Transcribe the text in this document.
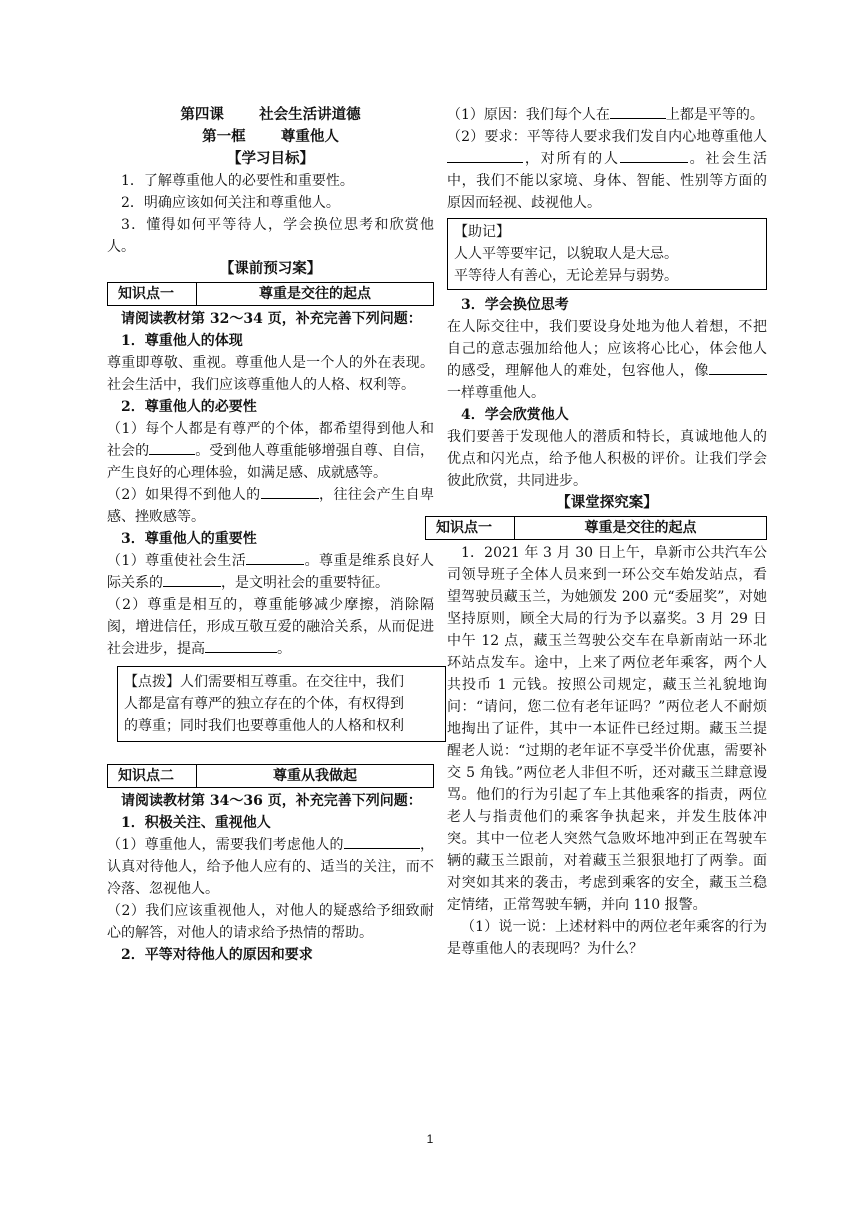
第四课       社会生活讲道德
第一框       尊重他人
【学习目标】

1．了解尊重他人的必要性和重要性。

2．明确应该如何关注和尊重他人。

3．懂得如何平等待人，学会换位思考和欣赏他人。

【课前预习案】
知识点一	尊重是交往的起点

请阅读教材第 32～34 页，补充完善下列问题：

1．尊重他人的体现

尊重即尊敬、重视。尊重他人是一个人的外在表现。社会生活中，我们应该尊重他人的人格、权利等。

2．尊重他人的必要性

（1）每个人都是有尊严的个体，都希望得到他人和社会的	。受到他人尊重能够增强自尊、自信，产生良好的心理体验，如满足感、成就感等。

（2）如果得不到他人的	，往往会产生自卑感、挫败感等。

3．尊重他人的重要性

（1）尊重使社会生活	。尊重是维系良好人际关系的	，是文明社会的重要特征。

（2）尊重是相互的，尊重能够减少摩擦，消除隔阂，增进信任，形成互敬互爱的融洽关系，从而促进社会进步，提高	。

【点拨】人们需要相互尊重。在交往中，我们

人都是富有尊严的独立存在的个体，有权得到

的尊重；同时我们也要尊重他人的人格和权利

知识点二	尊重从我做起

请阅读教材第 34～36 页，补充完善下列问题：

1．积极关注、重视他人

（1）尊重他人，需要我们考虑他人的	，认真对待他人，给予他人应有的、适当的关注，而不冷落、忽视他人。

（2）我们应该重视他人，对他人的疑惑给予细致耐心的解答，对他人的请求给予热情的帮助。

2．平等对待他人的原因和要求

（1）原因：我们每个人在	上都是平等的。

（2）要求：平等待人要求我们发自内心地尊重他人，对所有的人	。社会生活中，我们不能以家境、身体、智能、性别等方面的原因而轻视、歧视他人。

【助记】

人人平等要牢记，以貌取人是大忌。

平等待人有善心，无论差异与弱势。

3．学会换位思考

在人际交往中，我们要设身处地为他人着想，不把自己的意志强加给他人；应该将心比心，体会他人的感受，理解他人的难处，包容他人，像一样尊重他人。

4．学会欣赏他人

我们要善于发现他人的潜质和特长，真诚地他人的优点和闪光点，给予他人积极的评价。让我们学会彼此欣赏，共同进步。

【课堂探究案】
知识点一	尊重是交往的起点

1．2021 年 3 月 30 日上午，阜新市公共汽车公司领导班子全体人员来到一环公交车始发站点，看望驾驶员藏玉兰，为她颁发 200 元“委屈奖”，对她坚持原则，顾全大局的行为予以嘉奖。3 月 29 日中午 12 点，藏玉兰驾驶公交车在阜新南站一环北环站点发车。途中，上来了两位老年乘客，两个人共投币 1 元钱。按照公司规定，藏玉兰礼貌地询问：“请问，您二位有老年证吗？”两位老人不耐烦地掏出了证件，其中一本证件已经过期。藏玉兰提醒老人说：“过期的老年证不享受半价优惠，需要补交 5 角钱。”两位老人非但不听，还对藏玉兰肆意谩骂。他们的行为引起了车上其他乘客的指责，两位老人与指责他们的乘客争执起来，并发生肢体冲突。其中一位老人突然气急败坏地冲到正在驾驶车辆的藏玉兰跟前，对着藏玉兰狠狠地打了两拳。面对突如其来的袭击，考虑到乘客的安全，藏玉兰稳定情绪，正常驾驶车辆，并向 110 报警。

（1）说一说：上述材料中的两位老年乘客的行为是尊重他人的表现吗？为什么？

1
